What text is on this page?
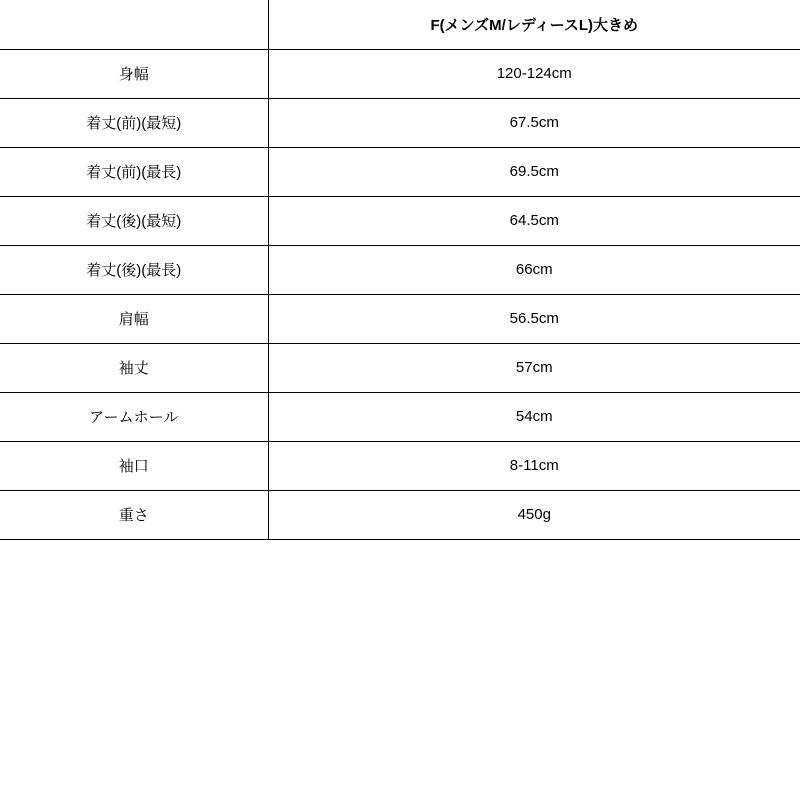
	F(メンズM/レディースL)大きめ
身幅	120-124cm
着丈(前)(最短)	67.5cm
着丈(前)(最長)	69.5cm
着丈(後)(最短)	64.5cm
着丈(後)(最長)	66cm
肩幅	56.5cm
袖丈	57cm
アームホール	54cm
袖口	8-11cm
重さ	450g
